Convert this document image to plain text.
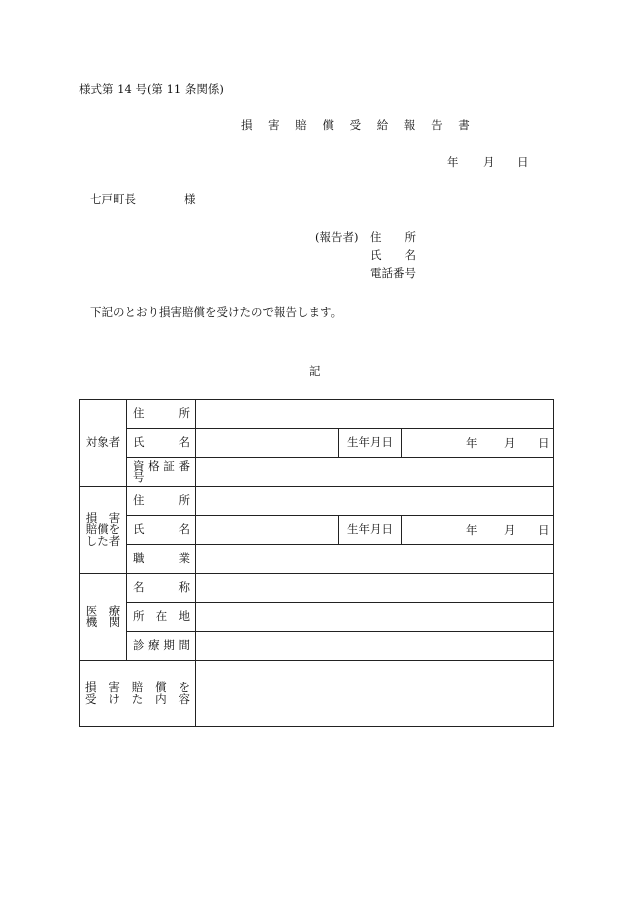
様式第 14 号(第 11 条関係)
損 害 賠 償 受 給 報 告 書
年 月 日
七戸町長	様
(報告者) 住　　所
氏　　名
電話番号
下記のとおり損害賠償を受けたので報告します。
記
対象者	住　所			
	氏　名		生年月日	年 月 日

	資格証番号			

損　害
賠償を
した者	住　所			
	氏　名		生年月日	年 月 日

	職　業			

医　療
機　関	名　称			
	所在地			
	診療期間			

損害賠償を
受けた内容				
